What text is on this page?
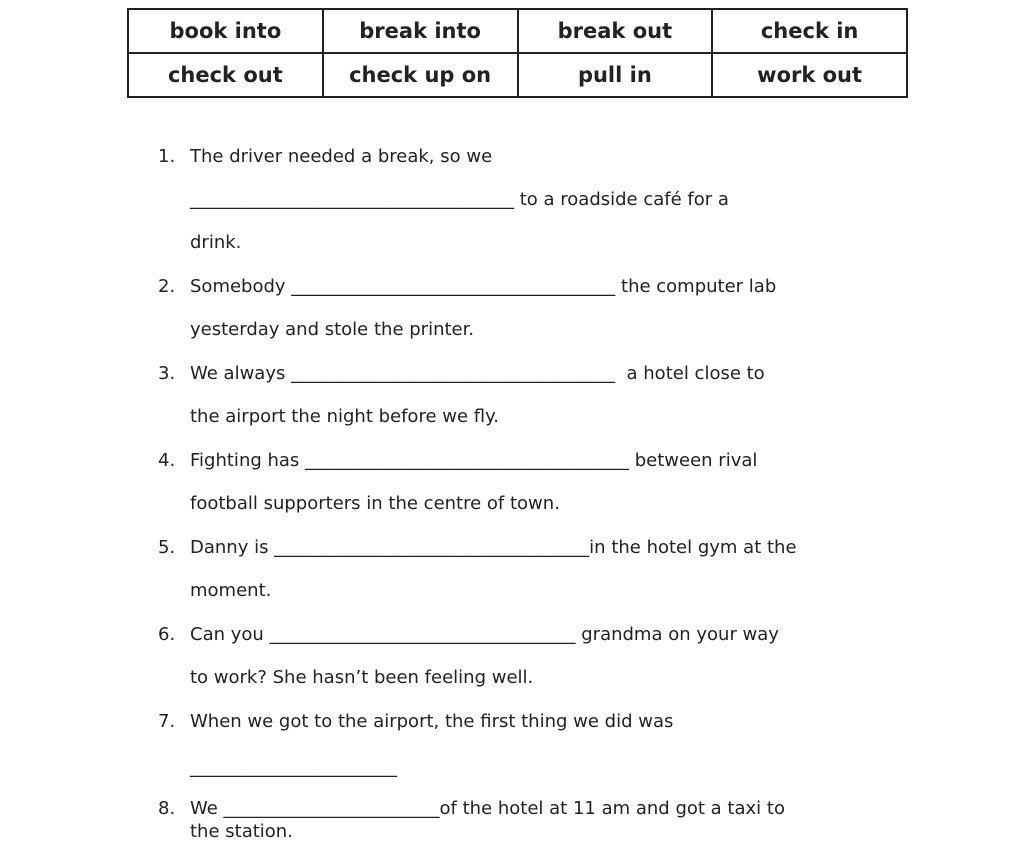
book into	break into	break out	check in
check out	check up on	pull in	work out
1. The driver needed a break, so we
____________________________________ to a roadside café for a
drink.
2. Somebody ____________________________________ the computer lab
yesterday and stole the printer.
3. We always ____________________________________  a hotel close to
the airport the night before we fly.
4. Fighting has ____________________________________ between rival
football supporters in the centre of town.
5. Danny is ___________________________________in the hotel gym at the
moment.
6. Can you __________________________________ grandma on your way
to work? She hasn’t been feeling well.
7. When we got to the airport, the first thing we did was
_______________________
8. We ________________________of the hotel at 11 am and got a taxi to
the station.
